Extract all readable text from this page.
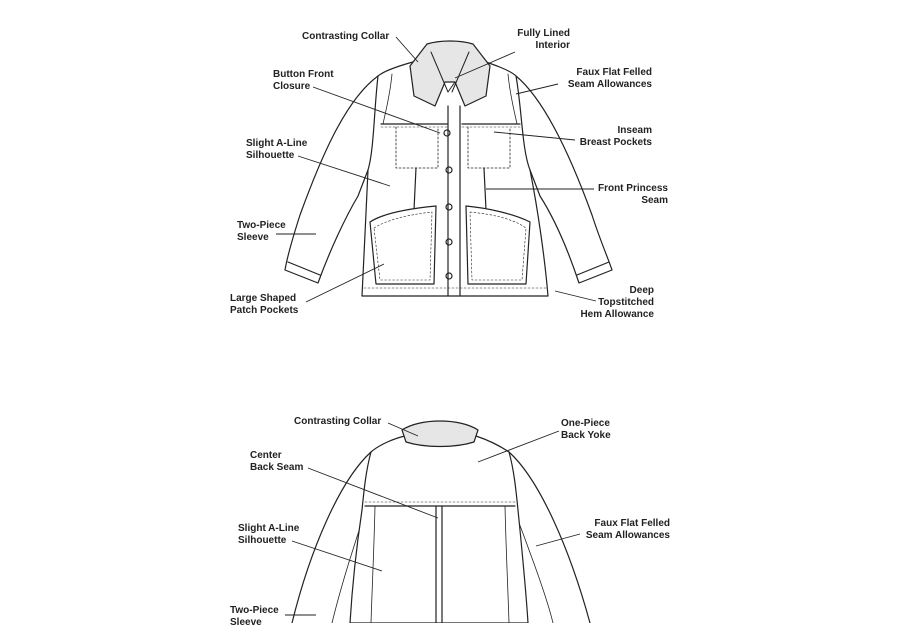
Contrasting Collar	Fully Lined
Interior
Button Front
Closure
Faux Flat Felled
Seam Allowances
Slight A-Line
Silhouette
Inseam
Breast Pockets
Front Princess
Seam
Two-Piece
Sleeve
Large Shaped
Patch Pockets
Deep
Topstitched
Hem Allowance
Contrasting Collar	One-Piece
Back Yoke
Center
Back Seam
Slight A-Line
Silhouette
Faux Flat Felled
Seam Allowances
Two-Piece
Sleeve
